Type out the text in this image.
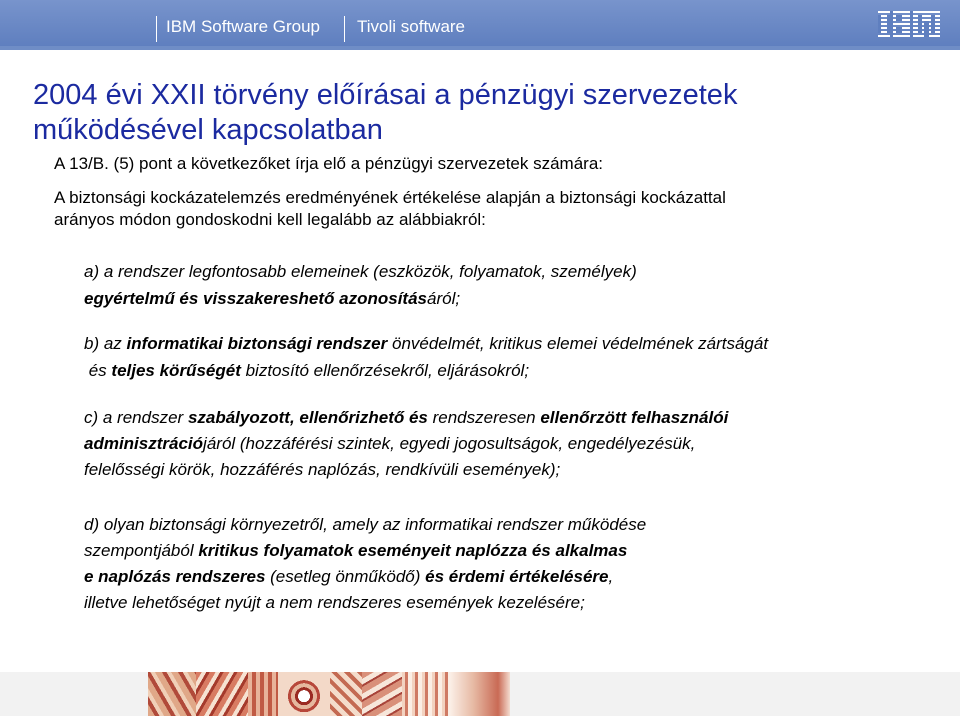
IBM Software Group Tivoli software
2004 évi XXII törvény előírásai a pénzügyi szervezetek
működésével kapcsolatban
A 13/B. (5) pont a következőket írja elő a pénzügyi szervezetek számára:
A biztonsági kockázatelemzés eredményének értékelése alapján a biztonsági kockázattal
arányos módon gondoskodni kell legalább az alábbiakról:
a) a rendszer legfontosabb elemeinek (eszközök, folyamatok, személyek)
egyértelmű és visszakereshető azonosításáról;
b) az informatikai biztonsági rendszer önvédelmét, kritikus elemei védelmének zártságát
és teljes körűségét biztosító ellenőrzésekről, eljárásokról;
c) a rendszer szabályozott, ellenőrizhető és rendszeresen ellenőrzött felhasználói
adminisztrációjáról (hozzáférési szintek, egyedi jogosultságok, engedélyezésük,
felelősségi körök, hozzáférés naplózás, rendkívüli események);
d) olyan biztonsági környezetről, amely az informatikai rendszer működése
szempontjából kritikus folyamatok eseményeit naplózza és alkalmas
e naplózás rendszeres (esetleg önműködő) és érdemi értékelésére,
illetve lehetőséget nyújt a nem rendszeres események kezelésére;
